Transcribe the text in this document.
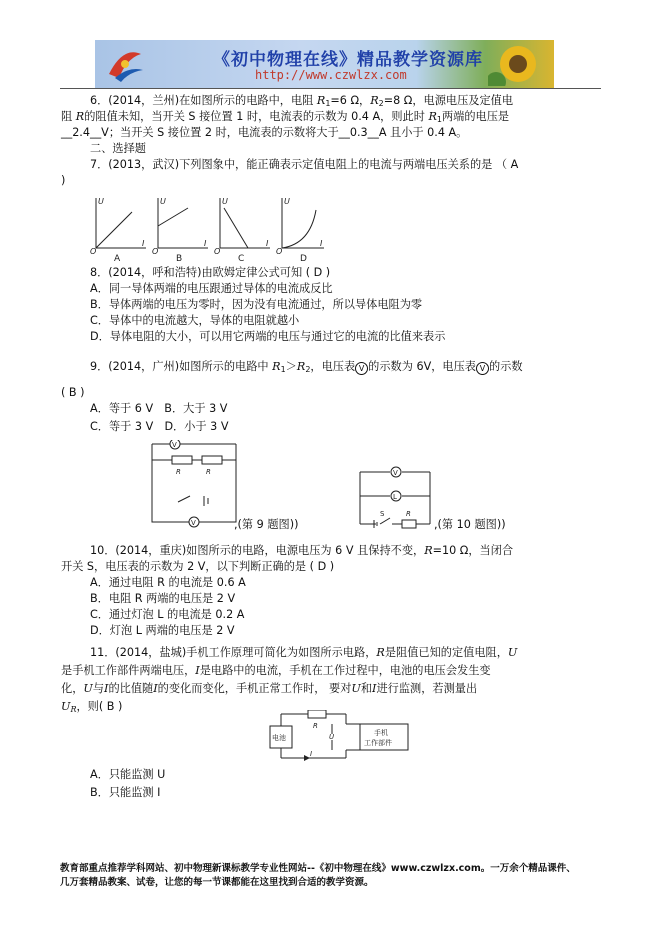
《初中物理在线》精品教学资源库
http://www.czwlzx.com
6．(2014，兰州)在如图所示的电路中，电阻 $R_1=6$ Ω，$R_2=8$ Ω，电源电压及定值电
阻 R的阻值未知，当开关 S 接位置 1 时，电流表的示数为 0.4 A，则此时 $R_1$两端的电压是
__2.4__V；当开关 S 接位置 2 时，电流表的示数将大于__0.3__A 且小于 0.4 A。
二、选择题
7．(2013，武汉)下列图象中，能正确表示定值电阻上的电流与两端电压关系的是 （ A
)
U
O
I
U
O
I
U
O
I
U
O
I
A	B	C	D
8．(2014，呼和浩特)由欧姆定律公式可知 ( D )
A．同一导体两端的电压跟通过导体的电流成反比
B．导体两端的电压为零时，因为没有电流通过，所以导体电阻为零
C．导体中的电流越大，导体的电阻就越小
D．导体电阻的大小，可以用它两端的电压与通过它的电流的比值来表示
9．(2014，广州)如图所示的电路中 $R_1>R_2$，电压表 V 的示数为 6V，电压表 V 的示数
( B )
A．等于 6 V　B．大于 3 V
C．等于 3 V　D．小于 3 V
V
V
R	R
,(第 9 题图))
V
L
S	R
,(第 10 题图))
10．(2014，重庆)如图所示的电路，电源电压为 6 V 且保持不变，R=10 Ω，当闭合
开关 S，电压表的示数为 2 V，以下判断正确的是 ( D )
A．通过电阻 R 的电流是 0.6 A
B．电阻 R 两端的电压是 2 V
C．通过灯泡 L 的电流是 0.2 A
D．灯泡 L 两端的电压是 2 V
11．(2014，盐城)手机工作原理可简化为如图所示电路，R是阻值已知的定值电阻，U
是手机工作部件两端电压，I是电路中的电流，手机在工作过程中，电池的电压会发生变
化，U与I的比值随I的变化而变化，手机正常工作时， 要对U和I进行监测，若测量出
$U_R$，则( B )
电池
R
U
I
手机
工作部件
A．只能监测 U
B．只能监测 I
教育部重点推荐学科网站、初中物理新课标教学专业性网站--《初中物理在线》www.czwlzx.com。一万余个精品课件、
几万套精品教案、试卷，让您的每一节课都能在这里找到合适的教学资源。
